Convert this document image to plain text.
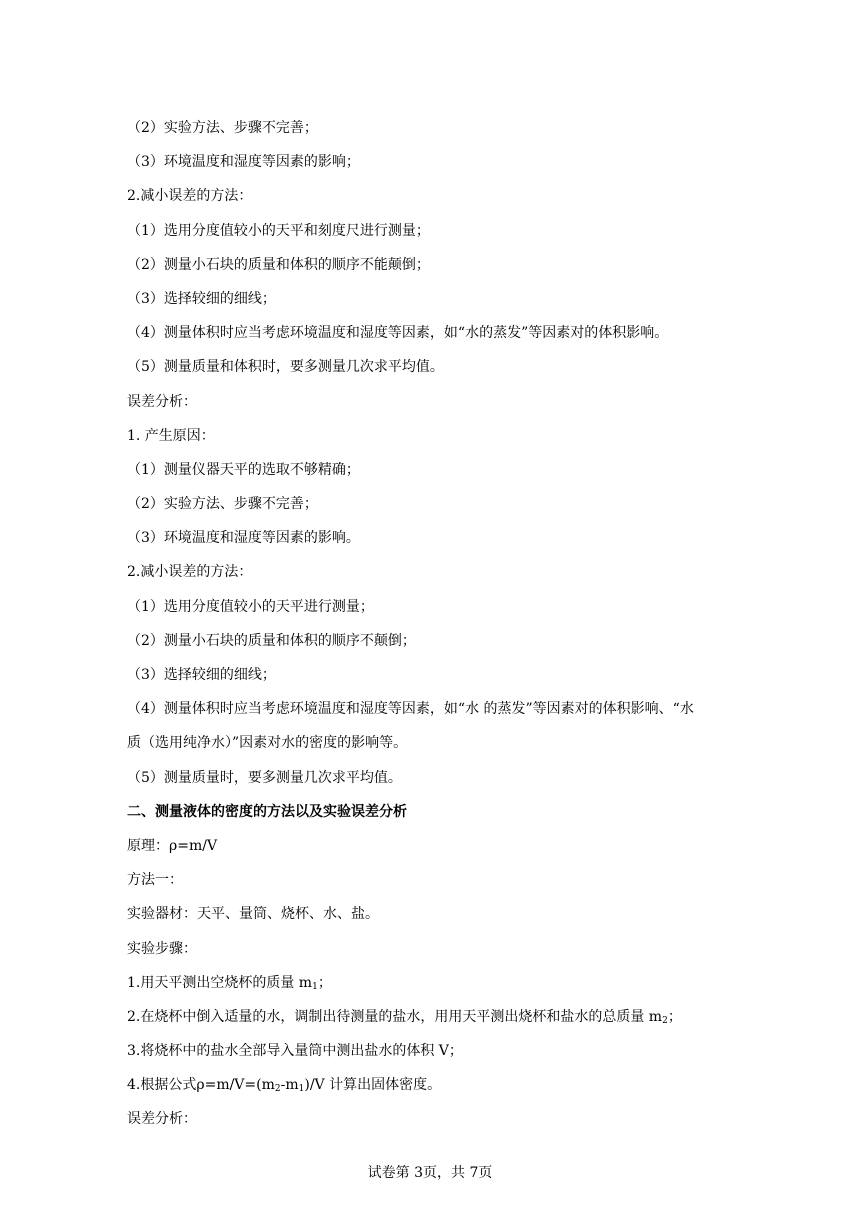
（2）实验方法、步骤不完善；
（3）环境温度和湿度等因素的影响；
2.减小误差的方法：
（1）选用分度值较小的天平和刻度尺进行测量；
（2）测量小石块的质量和体积的顺序不能颠倒；
（3）选择较细的细线；
（4）测量体积时应当考虑环境温度和湿度等因素，如“水的蒸发”等因素对的体积影响。
（5）测量质量和体积时，要多测量几次求平均值。
误差分析：
1. 产生原因：
（1）测量仪器天平的选取不够精确；
（2）实验方法、步骤不完善；
（3）环境温度和湿度等因素的影响。
2.减小误差的方法：
（1）选用分度值较小的天平进行测量；
（2）测量小石块的质量和体积的顺序不颠倒；
（3）选择较细的细线；
（4）测量体积时应当考虑环境温度和湿度等因素，如“水 的蒸发”等因素对的体积影响、“水
质（选用纯净水）”因素对水的密度的影响等。
（5）测量质量时，要多测量几次求平均值。
二、测量液体的密度的方法以及实验误差分析
原理：ρ=m/V
方法一：
实验器材：天平、量筒、烧杯、水、盐。
实验步骤：
1.用天平测出空烧杯的质量 $m_1$；
2.在烧杯中倒入适量的水，调制出待测量的盐水，用用天平测出烧杯和盐水的总质量 $m_2$；
3.将烧杯中的盐水全部导入量筒中测出盐水的体积 V；
4.根据公式$\rho=m/V=(m_2-m_1)/V$ 计算出固体密度。
误差分析：
试卷第 3页，共 7页
